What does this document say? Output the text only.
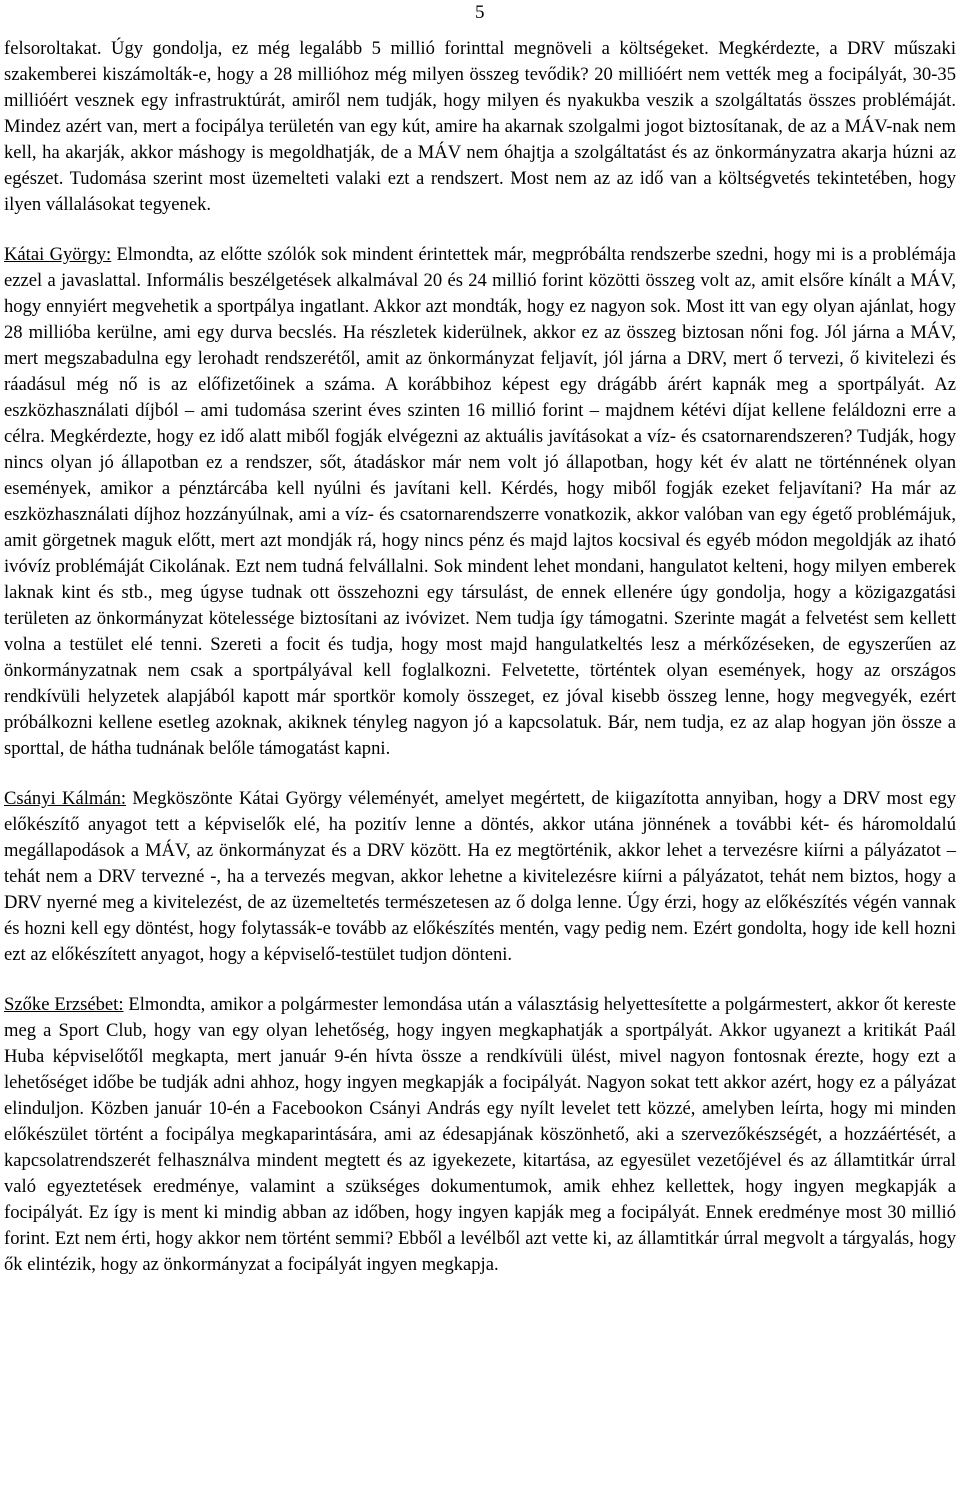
5

felsoroltakat. Úgy gondolja, ez még legalább 5 millió forinttal megnöveli a költségeket. Megkérdezte, a DRV műszaki szakemberei kiszámolták-e, hogy a 28 millióhoz még milyen összeg tevődik? 20 millióért nem vették meg a focipályát, 30-35 millióért vesznek egy infrastruktúrát, amiről nem tudják, hogy milyen és nyakukba veszik a szolgáltatás összes problémáját. Mindez azért van, mert a focipálya területén van egy kút, amire ha akarnak szolgalmi jogot biztosítanak, de az a MÁV-nak nem kell, ha akarják, akkor máshogy is megoldhatják, de a MÁV nem óhajtja a szolgáltatást és az önkormányzatra akarja húzni az egészet. Tudomása szerint most üzemelteti valaki ezt a rendszert. Most nem az az idő van a költségvetés tekintetében, hogy ilyen vállalásokat tegyenek.

Kátai György: Elmondta, az előtte szólók sok mindent érintettek már, megpróbálta rendszerbe szedni, hogy mi is a problémája ezzel a javaslattal. Informális beszélgetések alkalmával 20 és 24 millió forint közötti összeg volt az, amit elsőre kínált a MÁV, hogy ennyiért megvehetik a sportpálya ingatlant. Akkor azt mondták, hogy ez nagyon sok. Most itt van egy olyan ajánlat, hogy 28 millióba kerülne, ami egy durva becslés. Ha részletek kiderülnek, akkor ez az összeg biztosan nőni fog. Jól járna a MÁV, mert megszabadulna egy lerohadt rendszerétől, amit az önkormányzat feljavít, jól járna a DRV, mert ő tervezi, ő kivitelezi és ráadásul még nő is az előfizetőinek a száma. A korábbihoz képest egy drágább árért kapnák meg a sportpályát. Az eszközhasználati díjból – ami tudomása szerint éves szinten 16 millió forint – majdnem kétévi díjat kellene feláldozni erre a célra. Megkérdezte, hogy ez idő alatt miből fogják elvégezni az aktuális javításokat a víz- és csatornarendszeren? Tudják, hogy nincs olyan jó állapotban ez a rendszer, sőt, átadáskor már nem volt jó állapotban, hogy két év alatt ne történnének olyan események, amikor a pénztárcába kell nyúlni és javítani kell. Kérdés, hogy miből fogják ezeket feljavítani? Ha már az eszközhasználati díjhoz hozzányúlnak, ami a víz- és csatornarendszerre vonatkozik, akkor valóban van egy égető problémájuk, amit görgetnek maguk előtt, mert azt mondják rá, hogy nincs pénz és majd lajtos kocsival és egyéb módon megoldják az iható ivóvíz problémáját Cikolának. Ezt nem tudná felvállalni. Sok mindent lehet mondani, hangulatot kelteni, hogy milyen emberek laknak kint és stb., meg úgyse tudnak ott összehozni egy társulást, de ennek ellenére úgy gondolja, hogy a közigazgatási területen az önkormányzat kötelessége biztosítani az ivóvizet. Nem tudja így támogatni. Szerinte magát a felvetést sem kellett volna a testület elé tenni. Szereti a focit és tudja, hogy most majd hangulatkeltés lesz a mérkőzéseken, de egyszerűen az önkormányzatnak nem csak a sportpályával kell foglalkozni. Felvetette, történtek olyan események, hogy az országos rendkívüli helyzetek alapjából kapott már sportkör komoly összeget, ez jóval kisebb összeg lenne, hogy megvegyék, ezért próbálkozni kellene esetleg azoknak, akiknek tényleg nagyon jó a kapcsolatuk. Bár, nem tudja, ez az alap hogyan jön össze a sporttal, de hátha tudnának belőle támogatást kapni.

Csányi Kálmán: Megköszönte Kátai György véleményét, amelyet megértett, de kiigazította annyiban, hogy a DRV most egy előkészítő anyagot tett a képviselők elé, ha pozitív lenne a döntés, akkor utána jönnének a további két- és háromoldalú megállapodások a MÁV, az önkormányzat és a DRV között. Ha ez megtörténik, akkor lehet a tervezésre kiírni a pályázatot – tehát nem a DRV tervezné -, ha a tervezés megvan, akkor lehetne a kivitelezésre kiírni a pályázatot, tehát nem biztos, hogy a DRV nyerné meg a kivitelezést, de az üzemeltetés természetesen az ő dolga lenne. Úgy érzi, hogy az előkészítés végén vannak és hozni kell egy döntést, hogy folytassák-e tovább az előkészítés mentén, vagy pedig nem. Ezért gondolta, hogy ide kell hozni ezt az előkészített anyagot, hogy a képviselő-testület tudjon dönteni.

Szőke Erzsébet: Elmondta, amikor a polgármester lemondása után a választásig helyettesítette a polgármestert, akkor őt kereste meg a Sport Club, hogy van egy olyan lehetőség, hogy ingyen megkaphatják a sportpályát. Akkor ugyanezt a kritikát Paál Huba képviselőtől megkapta, mert január 9-én hívta össze a rendkívüli ülést, mivel nagyon fontosnak érezte, hogy ezt a lehetőséget időbe be tudják adni ahhoz, hogy ingyen megkapják a focipályát. Nagyon sokat tett akkor azért, hogy ez a pályázat elinduljon. Közben január 10-én a Facebookon Csányi András egy nyílt levelet tett közzé, amelyben leírta, hogy mi minden előkészület történt a focipálya megkaparintására, ami az édesapjának köszönhető, aki a szervezőkészségét, a hozzáértését, a kapcsolatrendszerét felhasználva mindent megtett és az igyekezete, kitartása, az egyesület vezetőjével és az államtitkár úrral való egyeztetések eredménye, valamint a szükséges dokumentumok, amik ehhez kellettek, hogy ingyen megkapják a focipályát. Ez így is ment ki mindig abban az időben, hogy ingyen kapják meg a focipályát. Ennek eredménye most 30 millió forint. Ezt nem érti, hogy akkor nem történt semmi? Ebből a levélből azt vette ki, az államtitkár úrral megvolt a tárgyalás, hogy ők elintézik, hogy az önkormányzat a focipályát ingyen megkapja.
